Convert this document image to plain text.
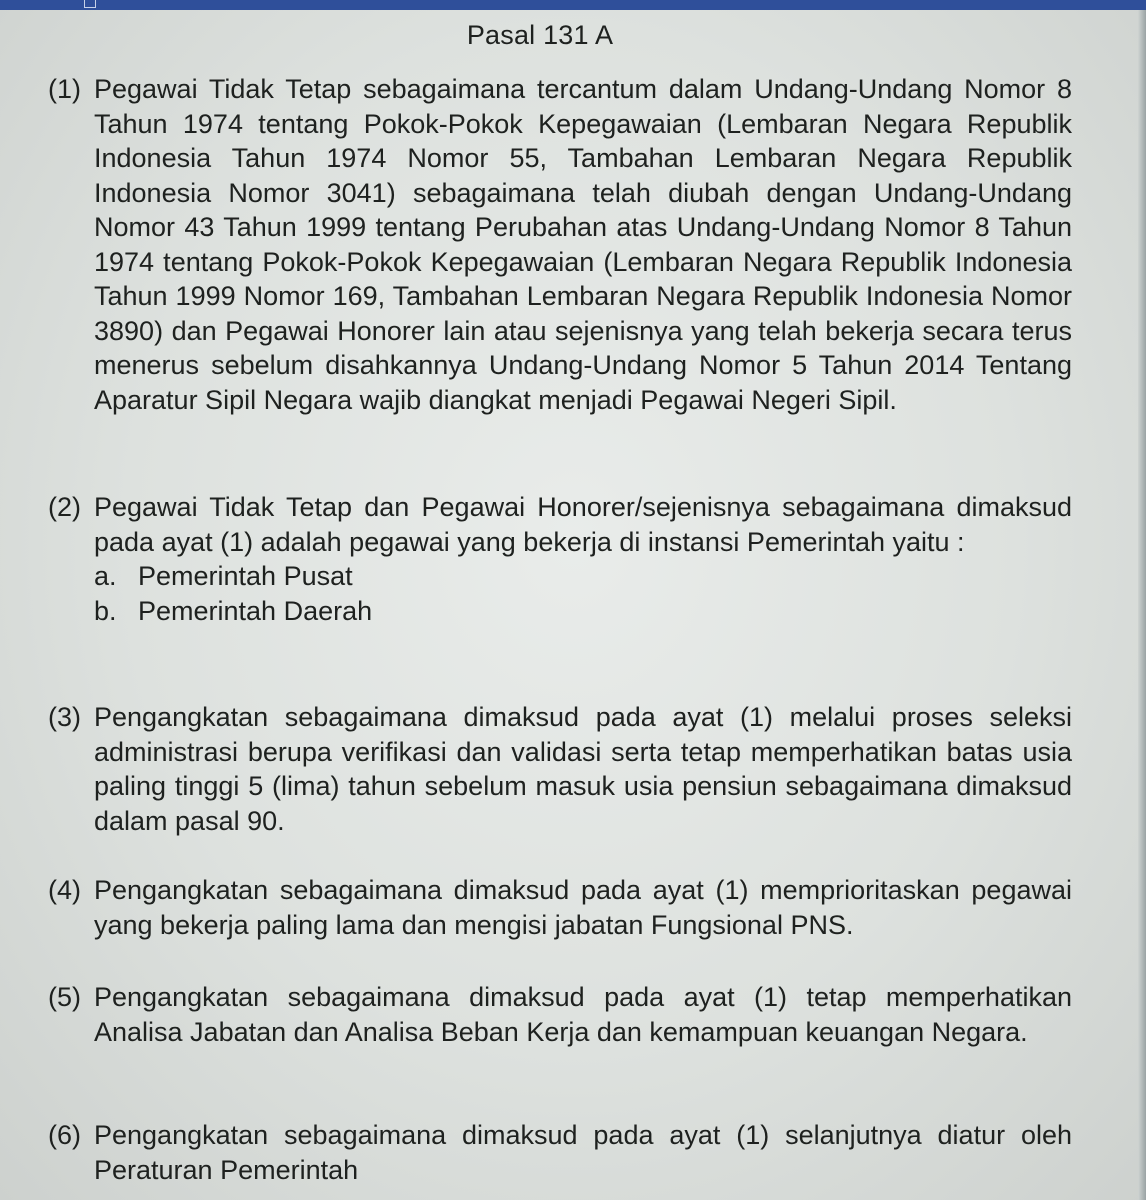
Pasal 131 A
(1) Pegawai Tidak Tetap sebagaimana tercantum dalam Undang-Undang Nomor 8 Tahun 1974 tentang Pokok-Pokok Kepegawaian (Lembaran Negara Republik Indonesia Tahun 1974 Nomor 55, Tambahan Lembaran Negara Republik Indonesia Nomor 3041) sebagaimana telah diubah dengan Undang-Undang Nomor 43 Tahun 1999 tentang Perubahan atas Undang-Undang Nomor 8 Tahun 1974 tentang Pokok-Pokok Kepegawaian (Lembaran Negara Republik Indonesia Tahun 1999 Nomor 169, Tambahan Lembaran Negara Republik Indonesia Nomor 3890) dan Pegawai Honorer lain atau sejenisnya yang telah bekerja secara terus menerus sebelum disahkannya Undang-Undang Nomor 5 Tahun 2014 Tentang Aparatur Sipil Negara wajib diangkat menjadi Pegawai Negeri Sipil.
(2) Pegawai Tidak Tetap dan Pegawai Honorer/sejenisnya sebagaimana dimaksud pada ayat (1) adalah pegawai yang bekerja di instansi Pemerintah yaitu :
a. Pemerintah Pusat
b. Pemerintah Daerah
(3) Pengangkatan sebagaimana dimaksud pada ayat (1) melalui proses seleksi administrasi berupa verifikasi dan validasi serta tetap memperhatikan batas usia paling tinggi 5 (lima) tahun sebelum masuk usia pensiun sebagaimana dimaksud dalam pasal 90.
(4) Pengangkatan sebagaimana dimaksud pada ayat (1) memprioritaskan pegawai yang bekerja paling lama dan mengisi jabatan Fungsional PNS.
(5) Pengangkatan sebagaimana dimaksud pada ayat (1) tetap memperhatikan Analisa Jabatan dan Analisa Beban Kerja dan kemampuan keuangan Negara.
(6) Pengangkatan sebagaimana dimaksud pada ayat (1) selanjutnya diatur oleh Peraturan Pemerintah
